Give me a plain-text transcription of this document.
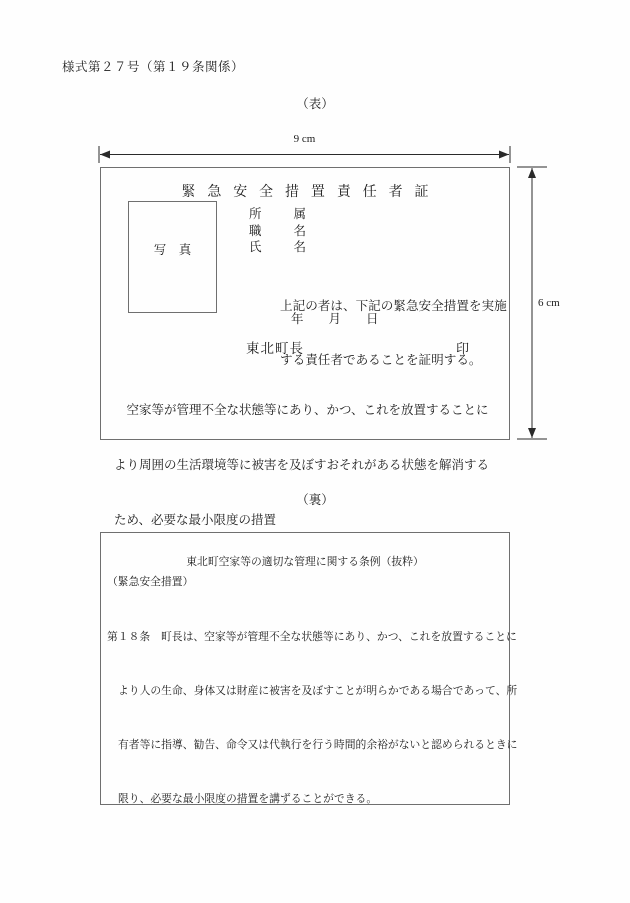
様式第２７号（第１９条関係）
（表）
9 cm
緊急安全措置責任者証
写　真
所	属
職	名
氏	名

上記の者は、下記の緊急安全措置を実施

する責任者であることを証明する。

年　　月　　日
東北町長	印

　空家等が管理不全な状態等にあり、かつ、これを放置することに

より周囲の生活環境等に被害を及ぼすおそれがある状態を解消する

ため、必要な最小限度の措置

6 cm
（裏）
東北町空家等の適切な管理に関する条例（抜粋）
（緊急安全措置）

第１８条　町長は、空家等が管理不全な状態等にあり、かつ、これを放置することに

より人の生命、身体又は財産に被害を及ぼすことが明らかである場合であって、所

有者等に指導、勧告、命令又は代執行を行う時間的余裕がないと認められるときに

限り、必要な最小限度の措置を講ずることができる。
